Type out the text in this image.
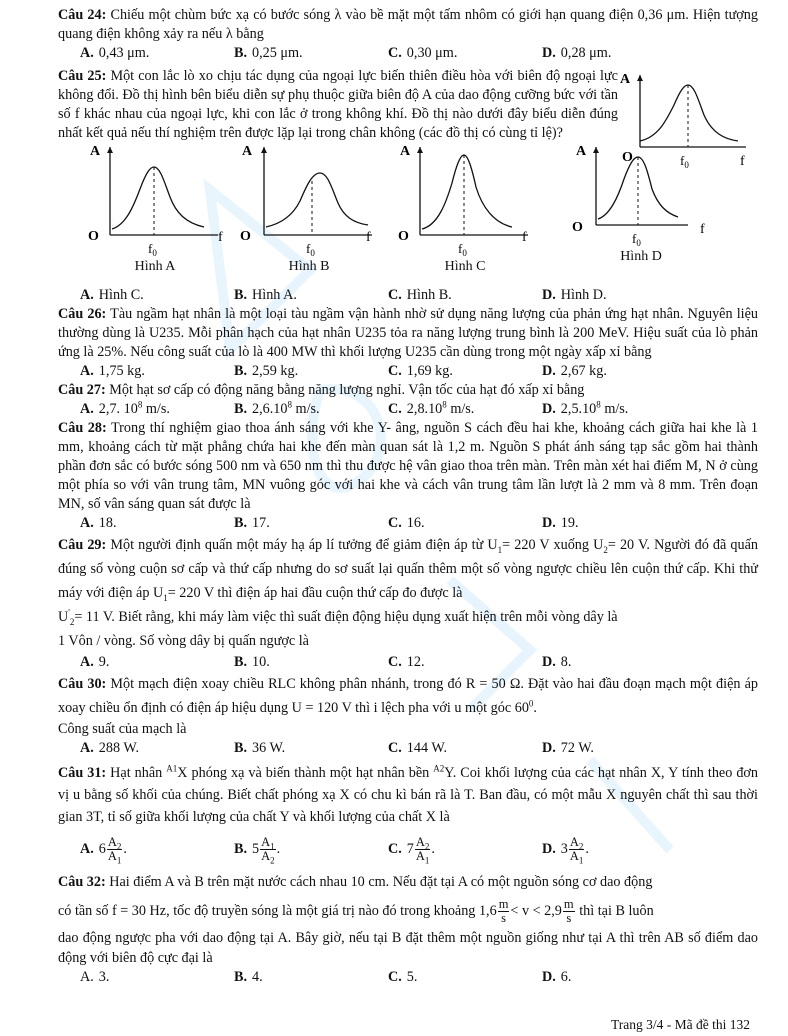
Câu 24: Chiếu một chùm bức xạ có bước sóng λ vào bề mặt một tấm nhôm có giới hạn quang điện 0,36 μm. Hiện tượng quang điện không xảy ra nếu λ bằng

A. 0,43 μm.	B. 0,25 μm.	C. 0,30 μm.	D. 0,28 μm.

Câu 25: Một con lắc lò xo chịu tác dụng của ngoại lực biến thiên điều hòa với biên độ ngoại lực không đổi. Đồ thị hình bên biểu diễn sự phụ thuộc giữa biên độ A của dao động cưỡng bức với tần số f khác nhau của ngoại lực, khi con lắc ở trong không khí. Đồ thị nào dưới đây biểu diễn đúng nhất kết quả nếu thí nghiệm trên được lặp lại trong chân không (các đồ thị có cùng tỉ lệ)?

A
O	$f_0$	f
A
O
$f_0$
f
Hình A
A
O
$f_0$
f
Hình B
A
O
$f_0$
f
Hình C
A
O
$f_0$
f
Hình D
A. Hình C.	B. Hình A.	C. Hình B.	D. Hình D.

Câu 26: Tàu ngầm hạt nhân là một loại tàu ngầm vận hành nhờ sử dụng năng lượng của phản ứng hạt nhân. Nguyên liệu thường dùng là U235. Mỗi phân hạch của hạt nhân U235 tỏa ra năng lượng trung bình là 200 MeV. Hiệu suất của lò phản ứng là 25%. Nếu công suất của lò là 400 MW thì khối lượng U235 cần dùng trong một ngày xấp xỉ bằng

A. 1,75 kg.	B. 2,59 kg.	C. 1,69 kg.	D. 2,67 kg.

Câu 27: Một hạt sơ cấp có động năng bằng năng lượng nghỉ. Vận tốc của hạt đó xấp xỉ bằng

A. 2,7. $10^8$ m/s.	B. 2,6.10$^8$ m/s.	C. 2,8.10$^8$ m/s.	D. 2,5.10$^8$ m/s.

Câu 28: Trong thí nghiệm giao thoa ánh sáng với khe Y- âng, nguồn S cách đều hai khe, khoảng cách giữa hai khe là 1 mm, khoảng cách từ mặt phẳng chứa hai khe đến màn quan sát là 1,2 m. Nguồn S phát ánh sáng tạp sắc gồm hai thành phần đơn sắc có bước sóng 500 nm và 650 nm thì thu được hệ vân giao thoa trên màn. Trên màn xét hai điểm M, N ở cùng một phía so với vân trung tâm, MN vuông góc với hai khe và cách vân trung tâm lần lượt là 2 mm và 8 mm. Trên đoạn MN, số vân sáng quan sát được là

A. 18.	B. 17.	C. 16.	D. 19.

Câu 29: Một người định quấn một máy hạ áp lí tưởng để giảm điện áp từ $U_1= 220$ V xuống $U_2= 20$ V. Người đó đã quấn đúng số vòng cuộn sơ cấp và thứ cấp nhưng do sơ suất lại quấn thêm một số vòng ngược chiều lên cuộn thứ cấp. Khi thử máy với điện áp $U_1= 220$ V thì điện áp hai đầu cuộn thứ cấp đo được là
$U'_2= 11$ V. Biết rằng, khi máy làm việc thì suất điện động hiệu dụng xuất hiện trên mỗi vòng dây là
1 Vôn / vòng. Số vòng dây bị quấn ngược là

A. 9.	B. 10.	C. 12.	D. 8.

Câu 30: Một mạch điện xoay chiều RLC không phân nhánh, trong đó R = 50 Ω. Đặt vào hai đầu đoạn mạch một điện áp xoay chiều ổn định có điện áp hiệu dụng U = 120 V thì i lệch pha với u một góc $60^0$.

Công suất của mạch là

A. 288 W.	B. 36 W.	C. 144 W.	D. 72 W.

Câu 31: Hạt nhân $^{A1}$X phóng xạ và biến thành một hạt nhân bền $^{A2}$Y. Coi khối lượng của các hạt nhân X, Y tính theo đơn vị u bằng số khối của chúng. Biết chất phóng xạ X có chu kì bán rã là T. Ban đầu, có một mẫu X nguyên chất thì sau thời gian 3T, tỉ số giữa khối lượng của chất Y và khối lượng của chất X là

A. $6 \frac{A_2}{A_1}$ .	B. $5 \frac{A_1}{A_2}$ .	C. $7 \frac{A_2}{A_1}$ .	D. $3 \frac{A_2}{A_1}$ .

Câu 32: Hai điểm A và B trên mặt nước cách nhau 10 cm. Nếu đặt tại A có một nguồn sóng cơ dao động

có tần số f = 30 Hz, tốc độ truyền sóng là một giá trị nào đó trong khoảng $1,6 \frac{m}{s} < v < 2,9 \frac{m}{s}$ thì tại B luôn

dao động ngược pha với dao động tại A. Bây giờ, nếu tại B đặt thêm một nguồn giống như tại A thì trên AB số điểm dao động với biên độ cực đại là

A. 3.	B. 4.	C. 5.	D. 6.
Trang 3/4 - Mã đề thi 132
